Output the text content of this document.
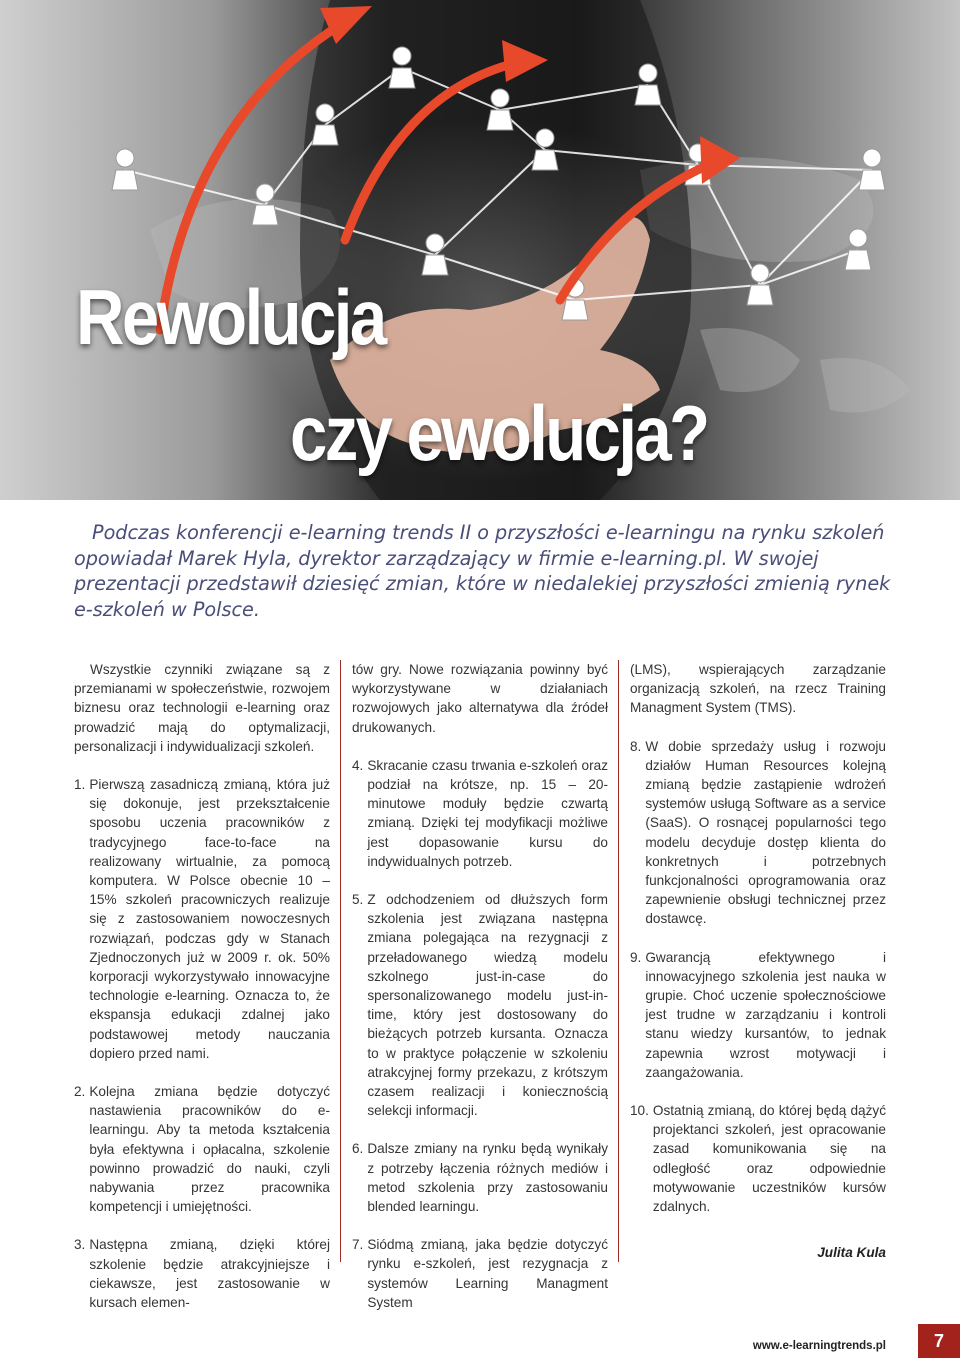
Rewolucja
czy ewolucja?

Podczas konferencji e-learning trends II o przyszłości e-learningu na rynku szkoleń opowiadał Marek Hyla, dyrektor zarządzający w firmie e-learning.pl. W swojej prezentacji przedstawił dziesięć zmian, które w niedalekiej przyszłości zmienią rynek e-szkoleń w Polsce.

Wszystkie czynniki związane są z przemianami w społeczeństwie, rozwojem biznesu oraz technologii e-learning oraz prowadzić mają do optymalizacji, personalizacji i indywidualizacji szkoleń.

1. Pierwszą zasadniczą zmianą, która już się dokonuje, jest przekształcenie sposobu uczenia pracowników z tradycyjnego face-to-face na realizowany wirtualnie, za pomocą komputera. W Polsce obecnie 10 – 15% szkoleń pracowniczych realizuje się z zastosowaniem nowoczesnych rozwiązań, podczas gdy w Stanach Zjednoczonych już w 2009 r. ok. 50% korporacji wykorzystywało innowacyjne technologie e-learning. Oznacza to, że ekspansja edukacji zdalnej jako podstawowej metody nauczania dopiero przed nami.
2. Kolejna zmiana będzie dotyczyć nastawienia pracowników do e-learningu. Aby ta metoda kształcenia była efektywna i opłacalna, szkolenie powinno prowadzić do nauki, czyli nabywania przez pracownika kompetencji i umiejętności.
3. Następna zmianą, dzięki której szkolenie będzie atrakcyjniejsze i ciekawsze, jest zastosowanie w kursach elemen-

tów gry. Nowe rozwiązania powinny być wykorzystywane w działaniach rozwojowych jako alternatywa dla źródeł drukowanych.

4. Skracanie czasu trwania e-szkoleń oraz podział na krótsze, np. 15 – 20-minutowe moduły będzie czwartą zmianą. Dzięki tej modyfikacji możliwe jest dopasowanie kursu do indywidualnych potrzeb.
5. Z odchodzeniem od dłuższych form szkolenia jest związana następna zmiana polegająca na rezygnacji z przeładowanego wiedzą modelu szkolnego just-in-case do spersonalizowanego modelu just-in-time, który jest dostosowany do bieżących potrzeb kursanta. Oznacza to w praktyce połączenie w szkoleniu atrakcyjnej formy przekazu, z krótszym czasem realizacji i koniecznością selekcji informacji.
6. Dalsze zmiany na rynku będą wynikały z potrzeby łączenia różnych mediów i metod szkolenia przy zastosowaniu blended learningu.
7. Siódmą zmianą, jaka będzie dotyczyć rynku e-szkoleń, jest rezygnacja z systemów Learning Managment System

(LMS), wspierających zarządzanie organizacją szkoleń, na rzecz Training Managment System (TMS).

8. W dobie sprzedaży usług i rozwoju działów Human Resources kolejną zmianą będzie zastąpienie wdrożeń systemów usługą Software as a service (SaaS). O rosnącej popularności tego modelu decyduje dostęp klienta do konkretnych i potrzebnych funkcjonalności oprogramowania oraz zapewnienie obsługi technicznej przez dostawcę.
9. Gwarancją efektywnego i innowacyjnego szkolenia jest nauka w grupie. Choć uczenie społecznościowe jest trudne w zarządzaniu i kontroli stanu wiedzy kursantów, to jednak zapewnia wzrost motywacji i zaangażowania.
10. Ostatnią zmianą, do której będą dążyć projektanci szkoleń, jest opracowanie zasad komunikowania się na odległość oraz odpowiednie motywowanie uczestników kursów zdalnych.
Julita Kula
www.e-learningtrends.pl	7
